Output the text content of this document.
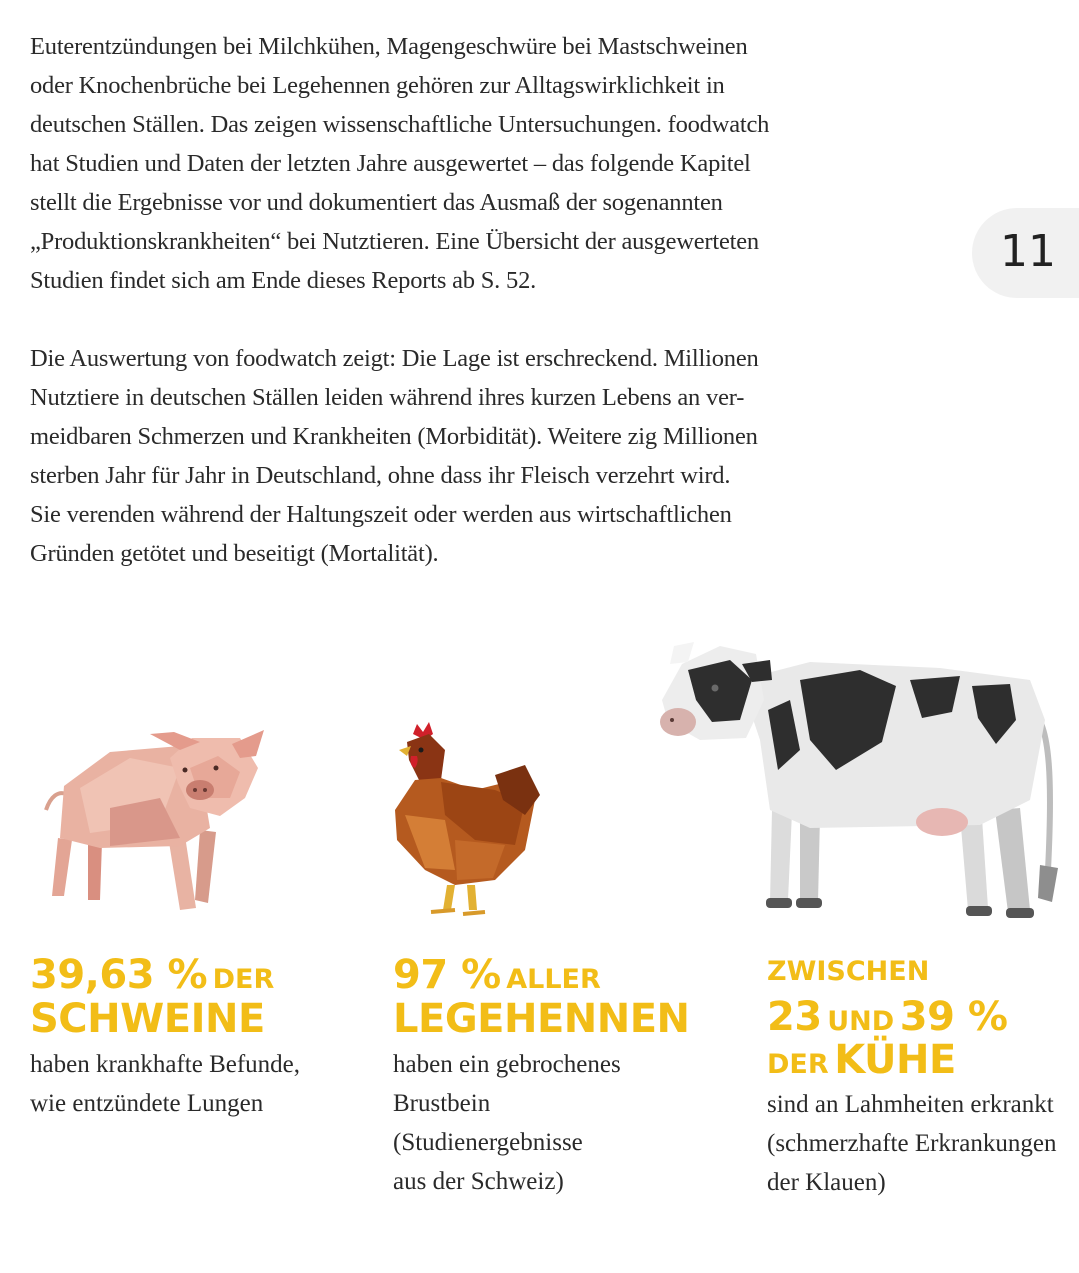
Euterentzündungen bei Milchkühen, Magengeschwüre bei Mastschweinen
oder Knochenbrüche bei Legehennen gehören zur Alltagswirklichkeit in
deutschen Ställen. Das zeigen wissenschaftliche Untersuchungen. foodwatch
hat Studien und Daten der letzten Jahre ausgewertet – das folgende Kapitel
stellt die Ergebnisse vor und dokumentiert das Ausmaß der sogenannten
„Produktionskrankheiten“ bei Nutztieren. Eine Übersicht der ausgewerteten
Studien findet sich am Ende dieses Reports ab S. 52.

Die Auswertung von foodwatch zeigt: Die Lage ist erschreckend. Millionen
Nutztiere in deutschen Ställen leiden während ihres kurzen Lebens an ver-
meidbaren Schmerzen und Krankheiten (Morbidität). Weitere zig Millionen
sterben Jahr für Jahr in Deutschland, ohne dass ihr Fleisch verzehrt wird.
Sie verenden während der Haltungszeit oder werden aus wirtschaftlichen
Gründen getötet und beseitigt (Mortalität).

11
39,63 % DER
SCHWEINE
haben krankhafte Befunde,
wie entzündete Lungen
97 % ALLER
LEGEHENNEN
haben ein gebrochenes
Brustbein
(Studienergebnisse
aus der Schweiz)
ZWISCHEN
23 UND 39 %
DER KÜHE
sind an Lahmheiten erkrankt
(schmerzhafte Erkrankungen
der Klauen)
